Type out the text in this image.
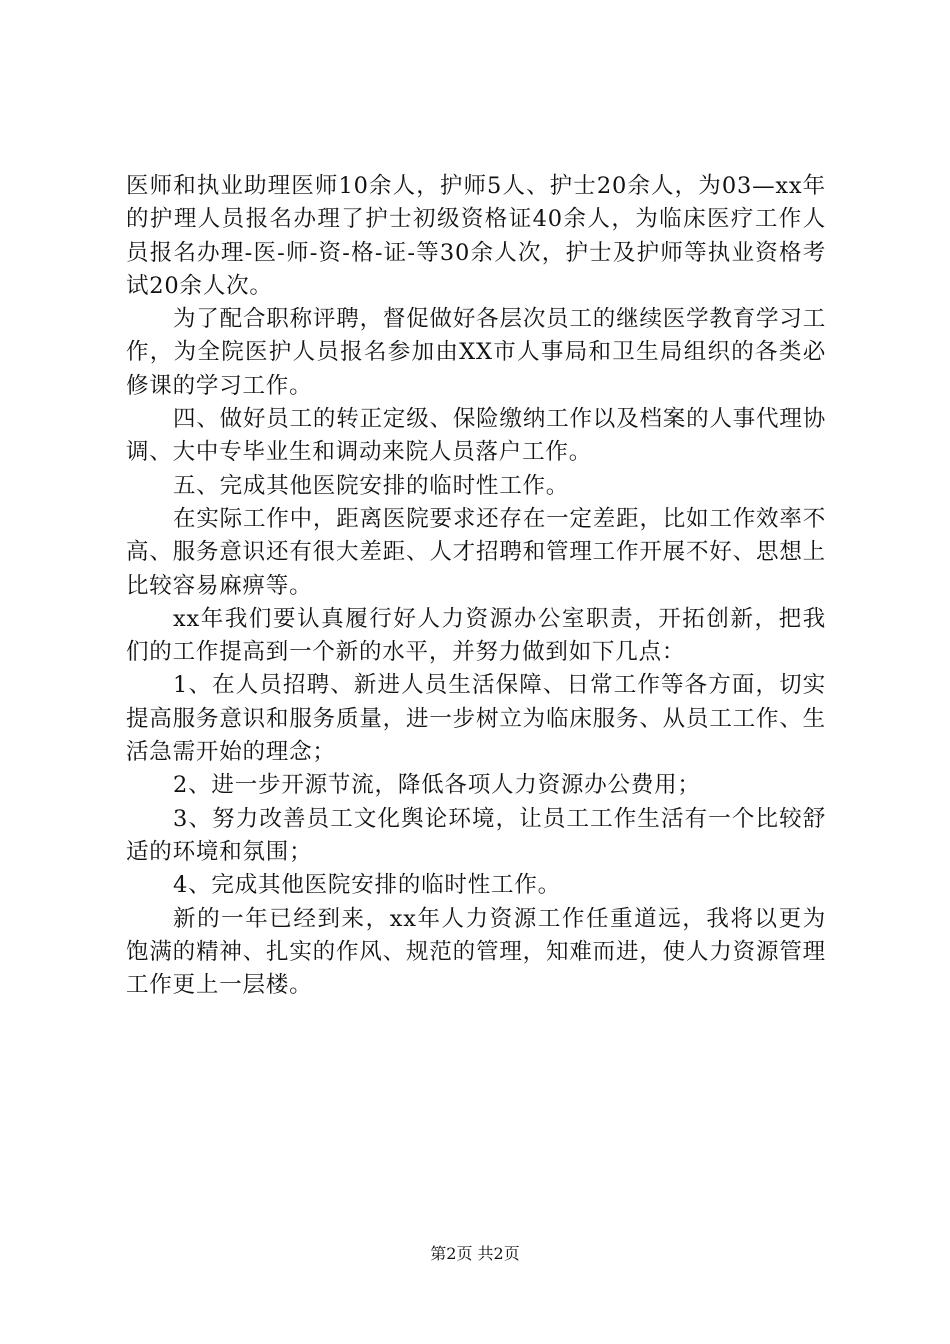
医师和执业助理医师10余人，护师5人、护士20余人，为03—xx年的护理人员报名办理了护士初级资格证40余人，为临床医疗工作人员报名办理-医-师-资-格-证-等30余人次，护士及护师等执业资格考试20余人次。

为了配合职称评聘，督促做好各层次员工的继续医学教育学习工作，为全院医护人员报名参加由XX市人事局和卫生局组织的各类必修课的学习工作。

四、做好员工的转正定级、保险缴纳工作以及档案的人事代理协调、大中专毕业生和调动来院人员落户工作。

五、完成其他医院安排的临时性工作。

在实际工作中，距离医院要求还存在一定差距，比如工作效率不高、服务意识还有很大差距、人才招聘和管理工作开展不好、思想上比较容易麻痹等。

xx年我们要认真履行好人力资源办公室职责，开拓创新，把我们的工作提高到一个新的水平，并努力做到如下几点：

1、在人员招聘、新进人员生活保障、日常工作等各方面，切实提高服务意识和服务质量，进一步树立为临床服务、从员工工作、生活急需开始的理念；

2、进一步开源节流，降低各项人力资源办公费用；

3、努力改善员工文化舆论环境，让员工工作生活有一个比较舒适的环境和氛围；

4、完成其他医院安排的临时性工作。

新的一年已经到来，xx年人力资源工作任重道远，我将以更为饱满的精神、扎实的作风、规范的管理，知难而进，使人力资源管理工作更上一层楼。

第2页 共2页
